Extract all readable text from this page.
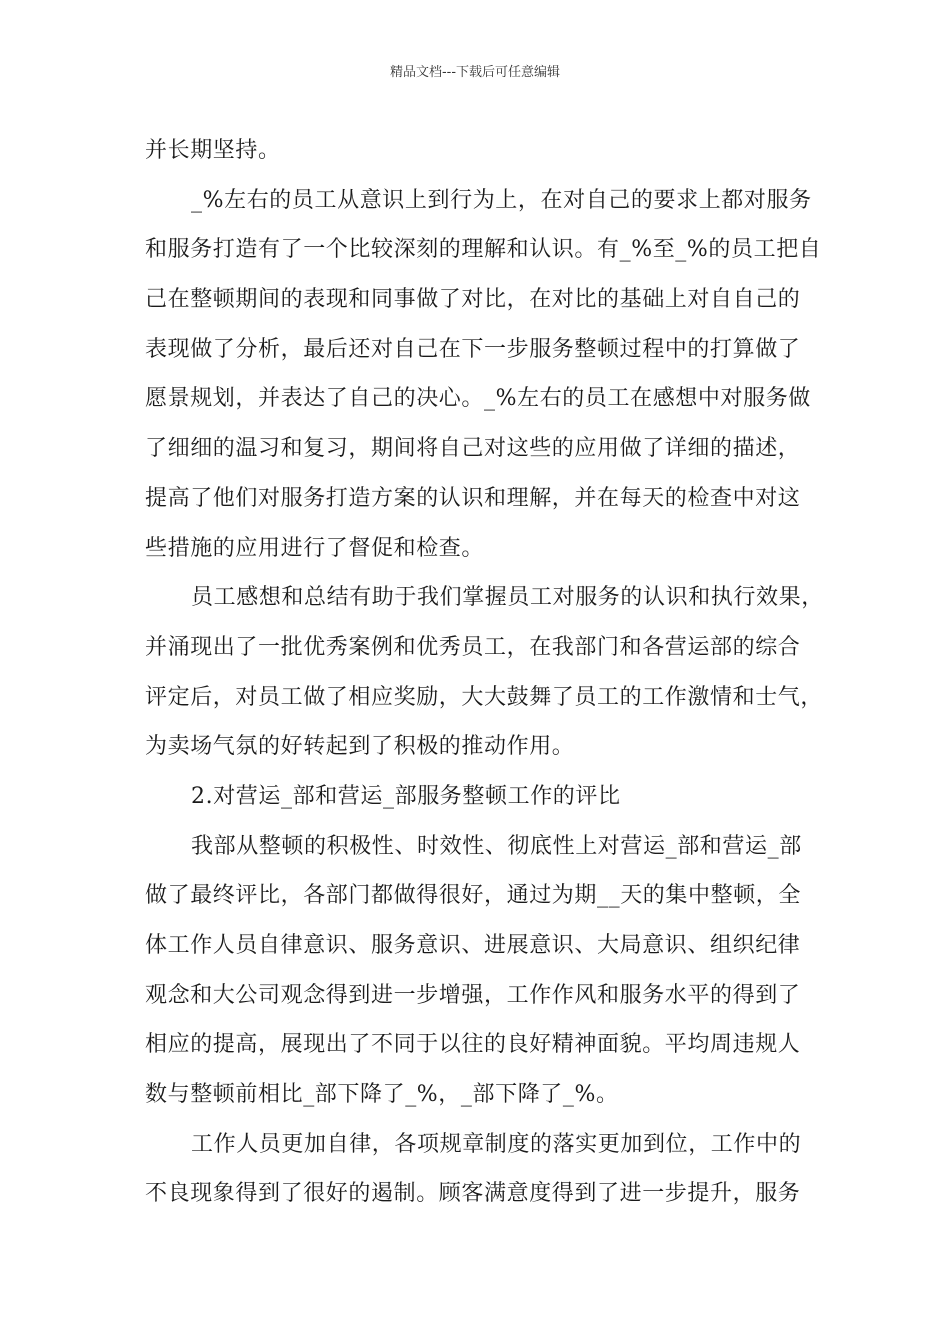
精品文档---下载后可任意编辑

并长期坚持。

_%左右的员工从意识上到行为上，在对自己的要求上都对服务
和服务打造有了一个比较深刻的理解和认识。有_%至_%的员工把自
己在整顿期间的表现和同事做了对比，在对比的基础上对自自己的
表现做了分析，最后还对自己在下一步服务整顿过程中的打算做了
愿景规划，并表达了自己的决心。_%左右的员工在感想中对服务做
了细细的温习和复习，期间将自己对这些的应用做了详细的描述，
提高了他们对服务打造方案的认识和理解，并在每天的检查中对这
些措施的应用进行了督促和检查。

员工感想和总结有助于我们掌握员工对服务的认识和执行效果，
并涌现出了一批优秀案例和优秀员工，在我部门和各营运部的综合
评定后，对员工做了相应奖励，大大鼓舞了员工的工作激情和士气，
为卖场气氛的好转起到了积极的推动作用。

2.对营运_部和营运_部服务整顿工作的评比

我部从整顿的积极性、时效性、彻底性上对营运_部和营运_部
做了最终评比，各部门都做得很好，通过为期__天的集中整顿，全
体工作人员自律意识、服务意识、进展意识、大局意识、组织纪律
观念和大公司观念得到进一步增强，工作作风和服务水平的得到了
相应的提高，展现出了不同于以往的良好精神面貌。平均周违规人
数与整顿前相比_部下降了_%，_部下降了_%。

工作人员更加自律，各项规章制度的落实更加到位，工作中的
不良现象得到了很好的遏制。顾客满意度得到了进一步提升，服务
